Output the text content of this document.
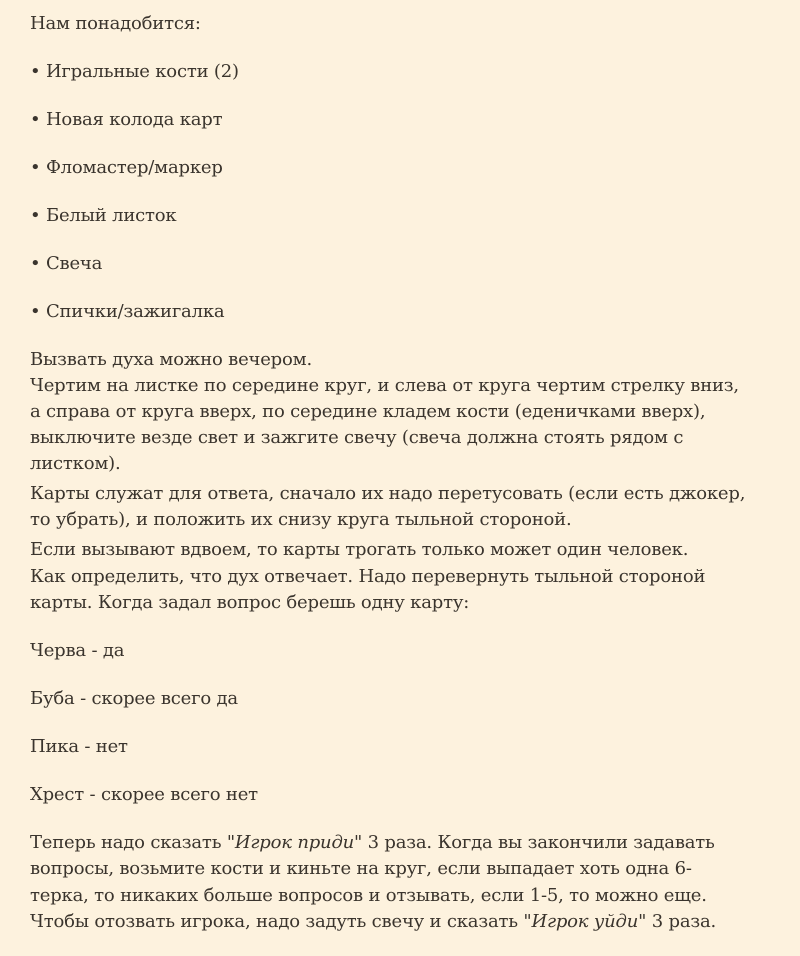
Нам понадобится:
• Игральные кости (2)
• Новая колода карт
• Фломастер/маркер
• Белый листок
• Свеча
• Спички/зажигалка
Вызвать духа можно вечером.
Чертим на листке по середине круг, и слева от круга чертим стрелку вниз,
а справа от круга вверх, по середине кладем кости (еденичками вверх),
выключите везде свет и зажгите свечу (свеча должна стоять рядом с
листком).
Карты служат для ответа, сначало их надо перетусовать (если есть джокер,
то убрать), и положить их снизу круга тыльной стороной.
Если вызывают вдвоем, то карты трогать только может один человек.
Как определить, что дух отвечает. Надо перевернуть тыльной стороной
карты. Когда задал вопрос берешь одну карту:
Черва - да
Буба - скорее всего да
Пика - нет
Хрест - скорее всего нет
Теперь надо сказать "Игрок приди" 3 раза. Когда вы закончили задавать
вопросы, возьмите кости и киньте на круг, если выпадает хоть одна 6-
терка, то никаких больше вопросов и отзывать, если 1-5, то можно еще.
Чтобы отозвать игрока, надо задуть свечу и сказать "Игрок уйди" 3 раза.
